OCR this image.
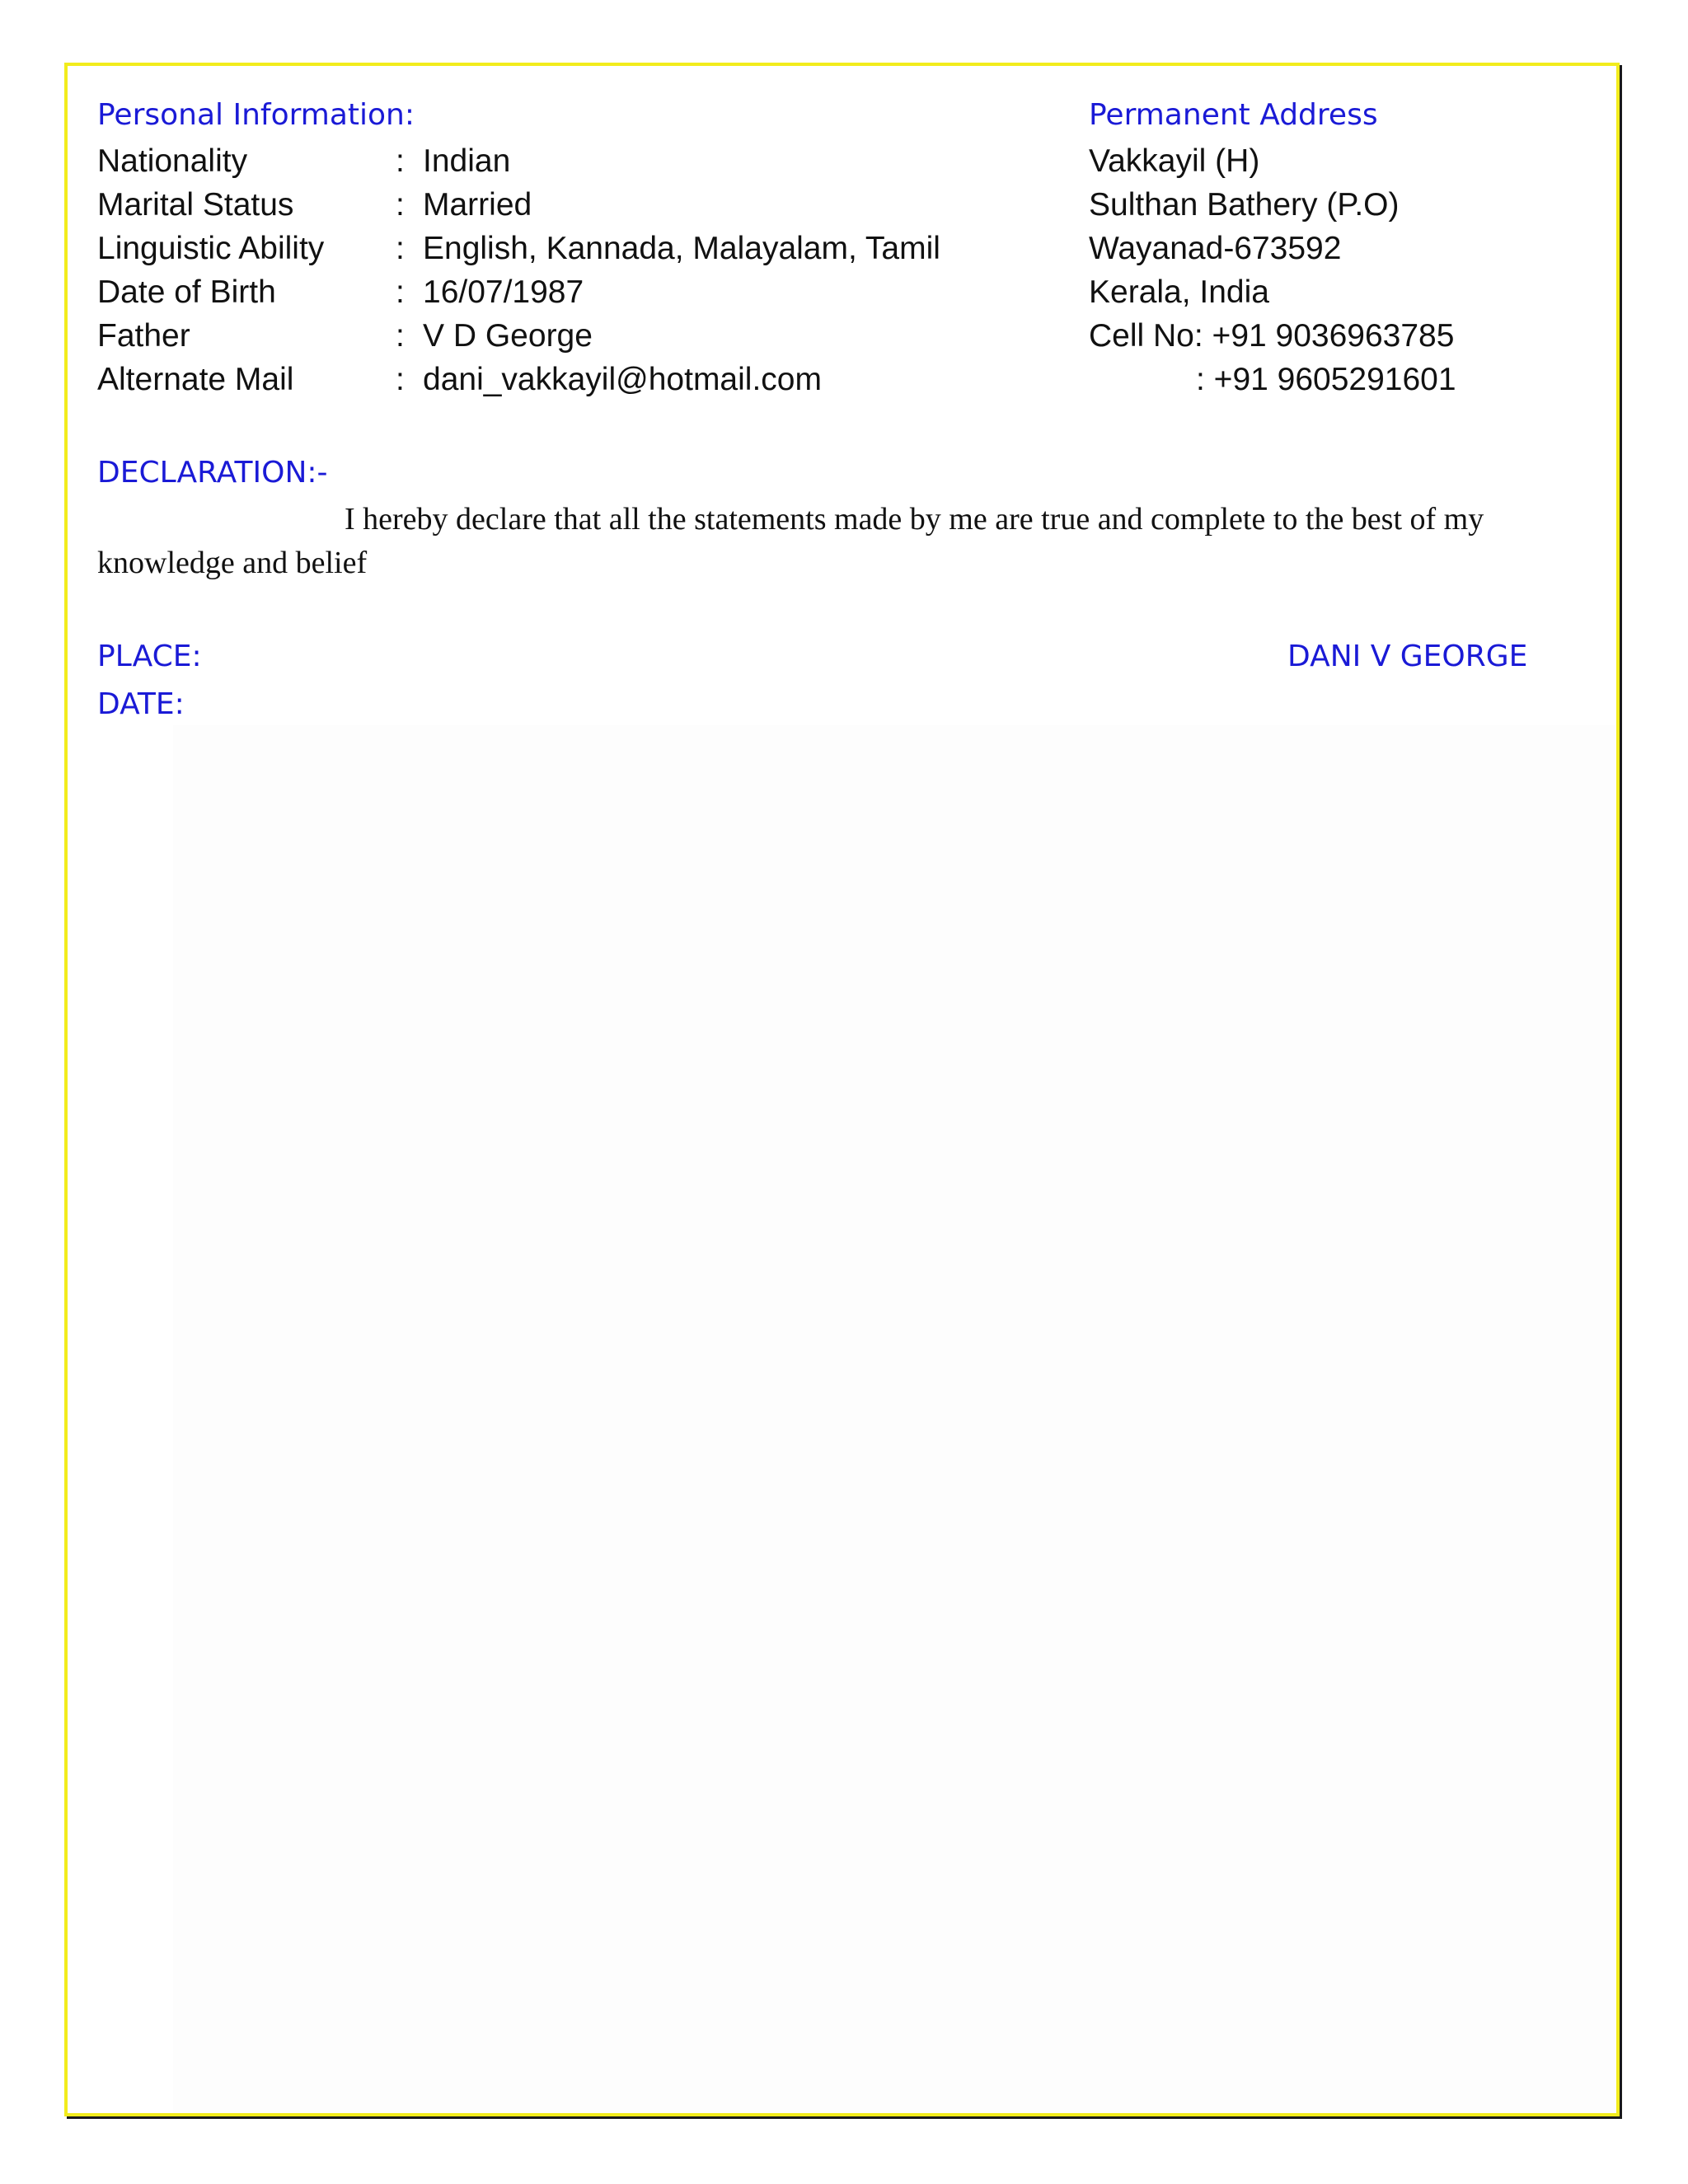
Personal Information:
Nationality	: Indian
Marital Status	: Married
Linguistic Ability : English, Kannada, Malayalam, Tamil
Date of Birth	: 16/07/1987
Father	: V D George
Alternate Mail	: dani_vakkayil@hotmail.com
Permanent Address
Vakkayil (H)
Sulthan Bathery (P.O)
Wayanad-673592
Kerala, India
Cell No: +91 9036963785
: +91 9605291601
DECLARATION:-

I hereby declare that all the statements made by me are true and complete to the best of my knowledge and belief

PLACE:
DATE:
DANI V GEORGE
